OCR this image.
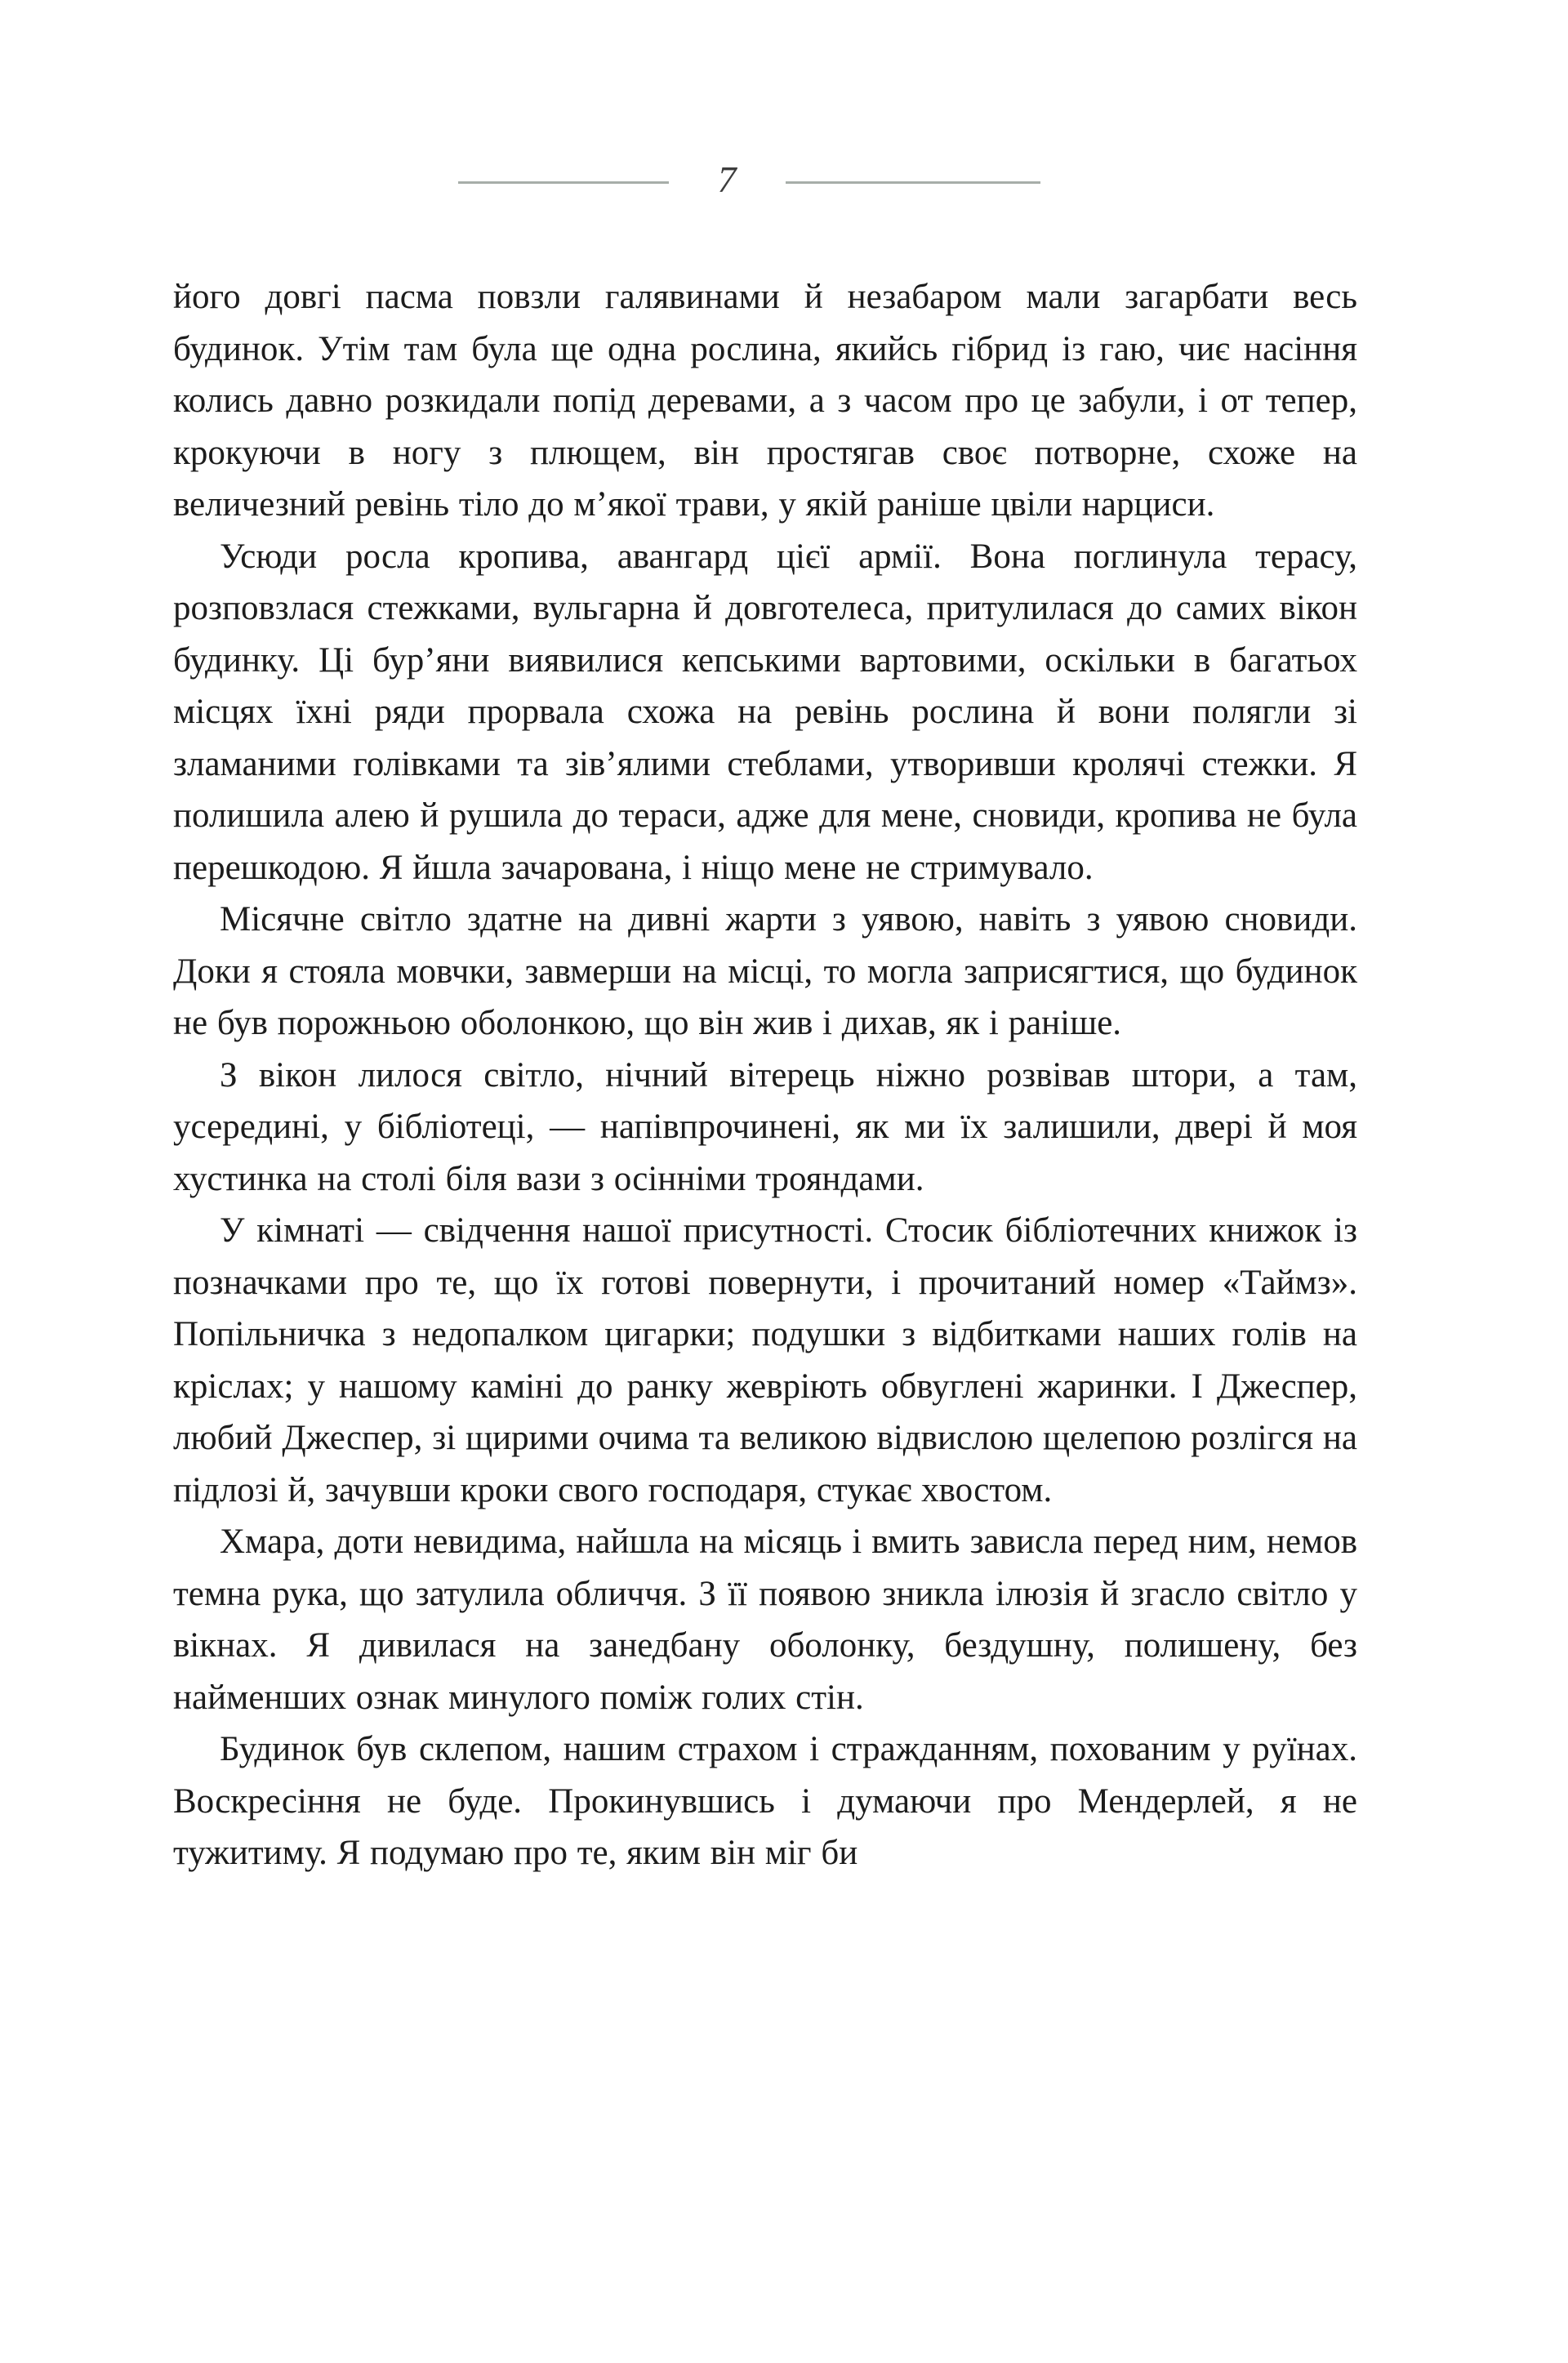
7

його довгі пасма повзли галявинами й незабаром мали загарбати весь будинок. Утім там була ще одна рослина, якийсь гібрид із гаю, чиє насіння колись давно розкидали попід деревами, а з часом про це забули, і от тепер, крокуючи в ногу з плющем, він простягав своє потворне, схоже на величезний ревінь тіло до м’якої трави, у якій раніше цвіли нарциси.

Усюди росла кропива, авангард цієї армії. Вона поглинула терасу, розповзлася стежками, вульгарна й довготелеса, притулилася до самих вікон будинку. Ці бур’яни виявилися кепськими вартовими, оскільки в багатьох місцях їхні ряди прорвала схожа на ревінь рослина й вони полягли зі зламаними голівками та зів’ялими стеблами, утворивши кролячі стежки. Я полишила алею й рушила до тераси, адже для мене, сновиди, кропива не була перешкодою. Я йшла зачарована, і ніщо мене не стримувало.

Місячне світло здатне на дивні жарти з уявою, навіть з уявою сновиди. Доки я стояла мовчки, завмерши на місці, то могла заприсягтися, що будинок не був порожньою оболонкою, що він жив і дихав, як і раніше.

З вікон лилося світло, нічний вітерець ніжно розвівав штори, а там, усередині, у бібліотеці, — напівпрочинені, як ми їх залишили, двері й моя хустинка на столі біля вази з осінніми трояндами.

У кімнаті — свідчення нашої присутності. Стосик бібліотечних книжок із позначками про те, що їх готові повернути, і прочитаний номер «Таймз». Попільничка з недопалком цигарки; подушки з відбитками наших голів на кріслах; у нашому каміні до ранку жевріють обвуглені жаринки. І Джеспер, любий Джеспер, зі щирими очима та великою відвислою щелепою розлігся на підлозі й, зачувши кроки свого господаря, стукає хвостом.

Хмара, доти невидима, найшла на місяць і вмить зависла перед ним, немов темна рука, що затулила обличчя. З її появою зникла ілюзія й згасло світло у вікнах. Я дивилася на занедбану оболонку, бездушну, полишену, без найменших ознак минулого поміж голих стін.

Будинок був склепом, нашим страхом і стражданням, похованим у руїнах. Воскресіння не буде. Прокинувшись і думаючи про Мендерлей, я не тужитиму. Я подумаю про те, яким він міг би
